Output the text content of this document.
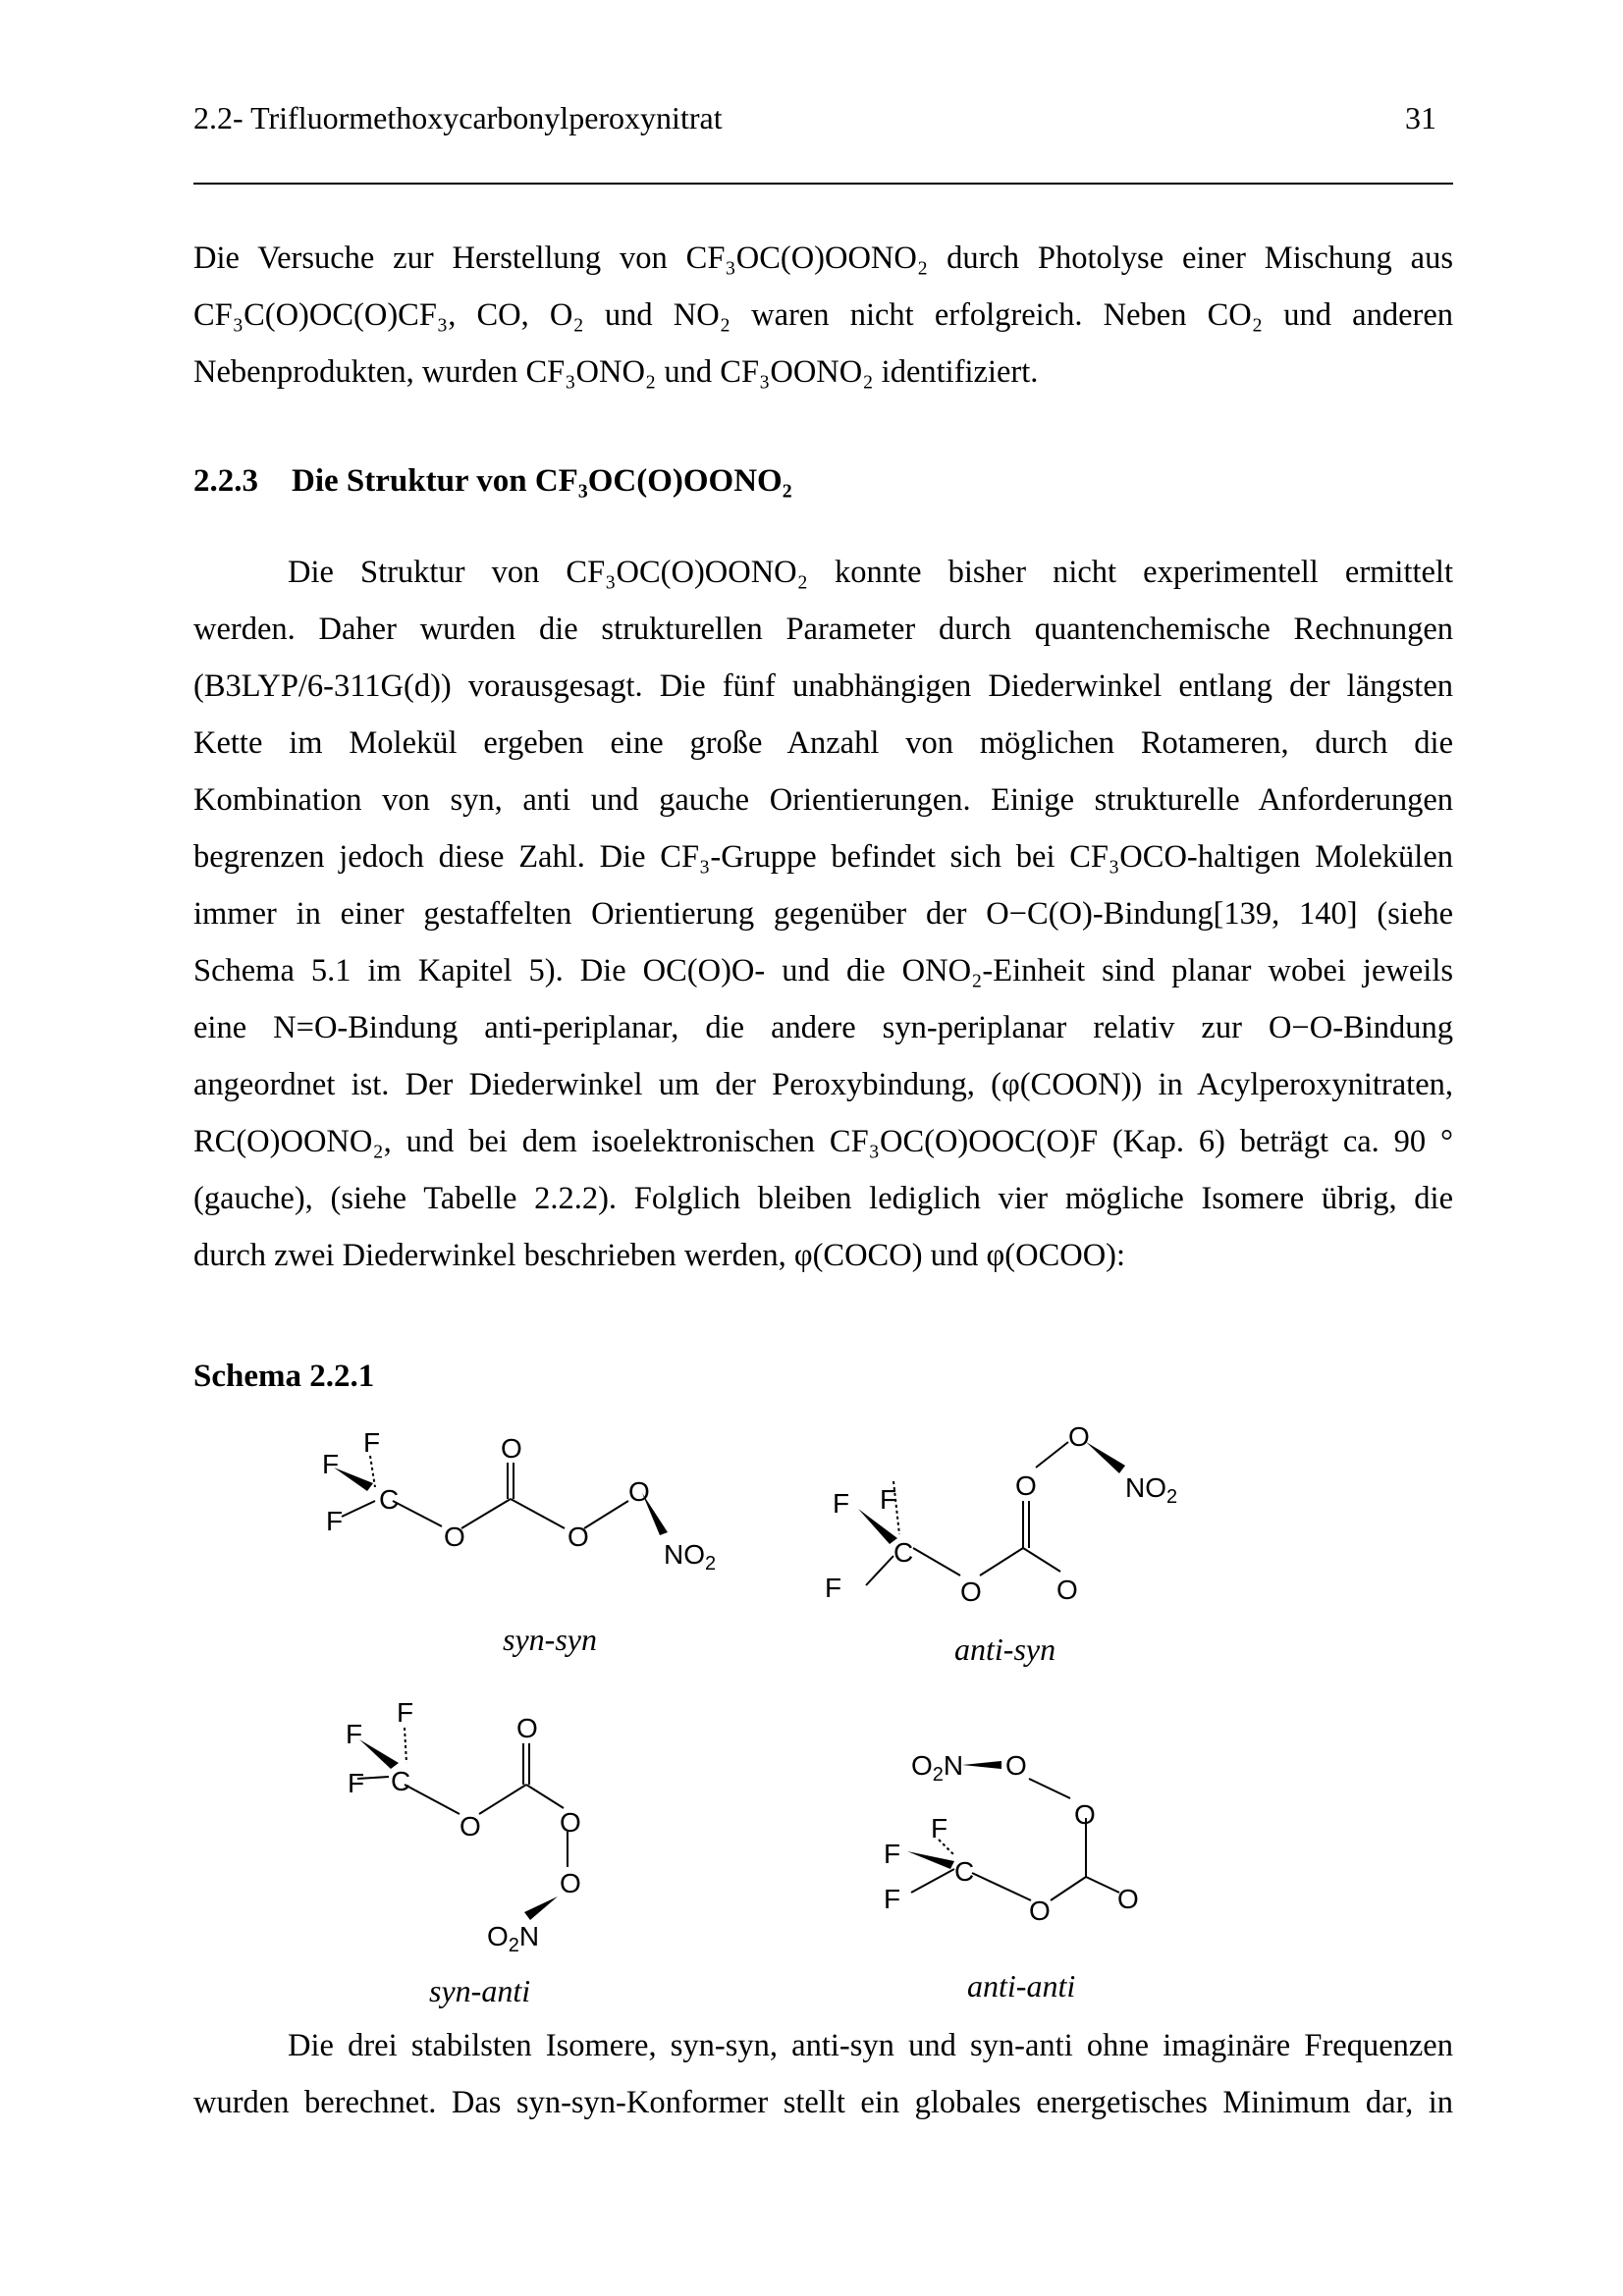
2.2- Trifluormethoxycarbonylperoxynitrat	31
Die Versuche zur Herstellung von CF₃OC(O)OONO₂ durch Photolyse einer Mischung aus
CF₃C(O)OC(O)CF₃, CO, O₂ und NO₂ waren nicht erfolgreich. Neben CO₂ und anderen
Nebenprodukten, wurden CF₃ONO₂ und CF₃OONO₂ identifiziert.
2.2.3 Die Struktur von CF₃OC(O)OONO₂
Die Struktur von CF₃OC(O)OONO₂ konnte bisher nicht experimentell ermittelt
werden. Daher wurden die strukturellen Parameter durch quantenchemische Rechnungen
(B3LYP/6-311G(d)) vorausgesagt. Die fünf unabhängigen Diederwinkel entlang der längsten
Kette im Molekül ergeben eine große Anzahl von möglichen Rotameren, durch die
Kombination von syn, anti und gauche Orientierungen. Einige strukturelle Anforderungen
begrenzen jedoch diese Zahl. Die CF₃-Gruppe befindet sich bei CF₃OCO-haltigen Molekülen
immer in einer gestaffelten Orientierung gegenüber der O−C(O)-Bindung[139, 140] (siehe
Schema 5.1 im Kapitel 5). Die OC(O)O- und die ONO₂-Einheit sind planar wobei jeweils
eine N=O-Bindung anti-periplanar, die andere syn-periplanar relativ zur O−O-Bindung
angeordnet ist. Der Diederwinkel um der Peroxybindung, (φ(COON)) in Acylperoxynitraten,
RC(O)OONO₂, und bei dem isoelektronischen CF₃OC(O)OOC(O)F (Kap. 6) beträgt ca. 90 °
(gauche), (siehe Tabelle 2.2.2). Folglich bleiben lediglich vier mögliche Isomere übrig, die
durch zwei Diederwinkel beschrieben werden, φ(COCO) und φ(OCOO):
Schema 2.2.1
F
F
F
C
O
O
O
O
$NO_2$
syn-syn
F F
F
C
O	O
O
O
$NO_2$
anti-syn
F
F
F C
O
O
O
O
$O_2N$
syn-anti
$O_2N$ O
O
F
F
F
C
O O
anti-anti
Die drei stabilsten Isomere, syn-syn, anti-syn und syn-anti ohne imaginäre Frequenzen
wurden berechnet. Das syn-syn-Konformer stellt ein globales energetisches Minimum dar, in
